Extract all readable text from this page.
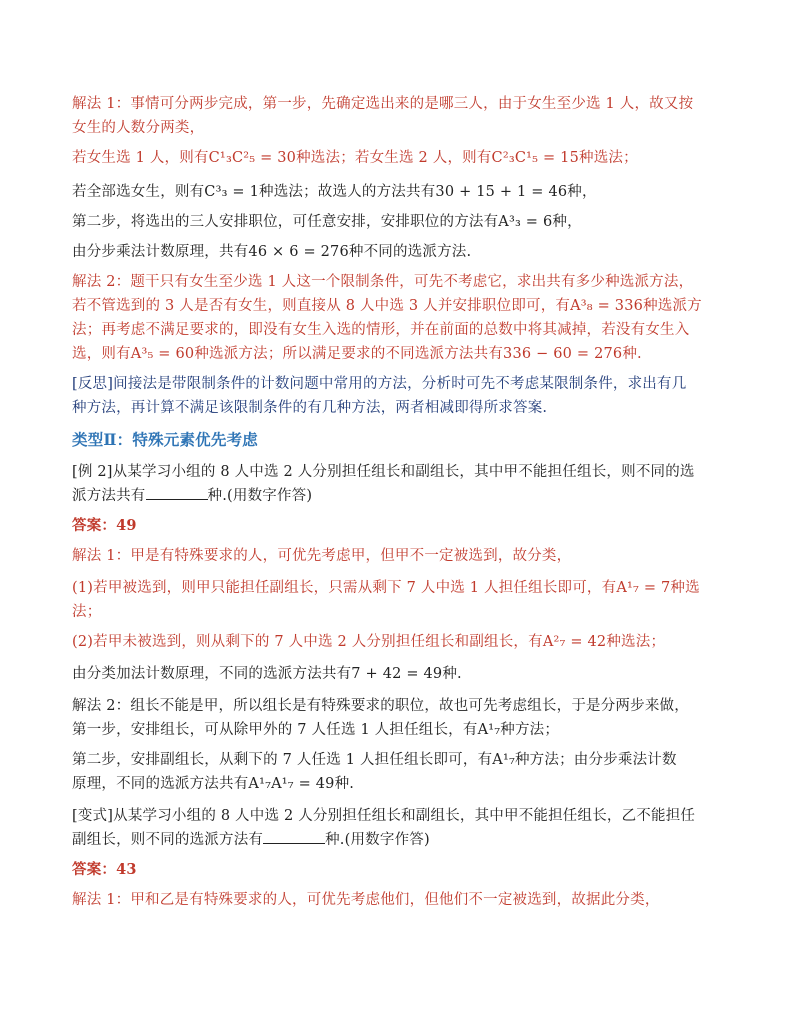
解法 1：事情可分两步完成，第一步，先确定选出来的是哪三人，由于女生至少选 1 人，故又按
女生的人数分两类，
若女生选 1 人，则有C¹₃C²₅ = 30种选法；若女生选 2 人，则有C²₃C¹₅ = 15种选法；
若全部选女生，则有C³₃ = 1种选法；故选人的方法共有30 + 15 + 1 = 46种，
第二步，将选出的三人安排职位，可任意安排，安排职位的方法有A³₃ = 6种，
由分步乘法计数原理，共有46 × 6 = 276种不同的选派方法.
解法 2：题干只有女生至少选 1 人这一个限制条件，可先不考虑它，求出共有多少种选派方法，
若不管选到的 3 人是否有女生，则直接从 8 人中选 3 人并安排职位即可，有A³₈ = 336种选派方
法；再考虑不满足要求的，即没有女生入选的情形，并在前面的总数中将其减掉，若没有女生入
选，则有A³₅ = 60种选派方法；所以满足要求的不同选派方法共有336 − 60 = 276种.
[反思]间接法是带限制条件的计数问题中常用的方法，分析时可先不考虑某限制条件，求出有几
种方法，再计算不满足该限制条件的有几种方法，两者相减即得所求答案.
类型Ⅱ：特殊元素优先考虑
[例 2]从某学习小组的 8 人中选 2 人分别担任组长和副组长，其中甲不能担任组长，则不同的选
派方法共有	种.(用数字作答)
答案：49
解法 1：甲是有特殊要求的人，可优先考虑甲，但甲不一定被选到，故分类，
(1)若甲被选到，则甲只能担任副组长，只需从剩下 7 人中选 1 人担任组长即可，有A¹₇ = 7种选
法；
(2)若甲未被选到，则从剩下的 7 人中选 2 人分别担任组长和副组长，有A²₇ = 42种选法；
由分类加法计数原理，不同的选派方法共有7 + 42 = 49种.
解法 2：组长不能是甲，所以组长是有特殊要求的职位，故也可先考虑组长，于是分两步来做，
第一步，安排组长，可从除甲外的 7 人任选 1 人担任组长，有A¹₇种方法；
第二步，安排副组长，从剩下的 7 人任选 1 人担任组长即可，有A¹₇种方法；由分步乘法计数
原理，不同的选派方法共有A¹₇A¹₇ = 49种.
[变式]从某学习小组的 8 人中选 2 人分别担任组长和副组长，其中甲不能担任组长，乙不能担任
副组长，则不同的选派方法有	种.(用数字作答)
答案：43
解法 1：甲和乙是有特殊要求的人，可优先考虑他们，但他们不一定被选到，故据此分类，
